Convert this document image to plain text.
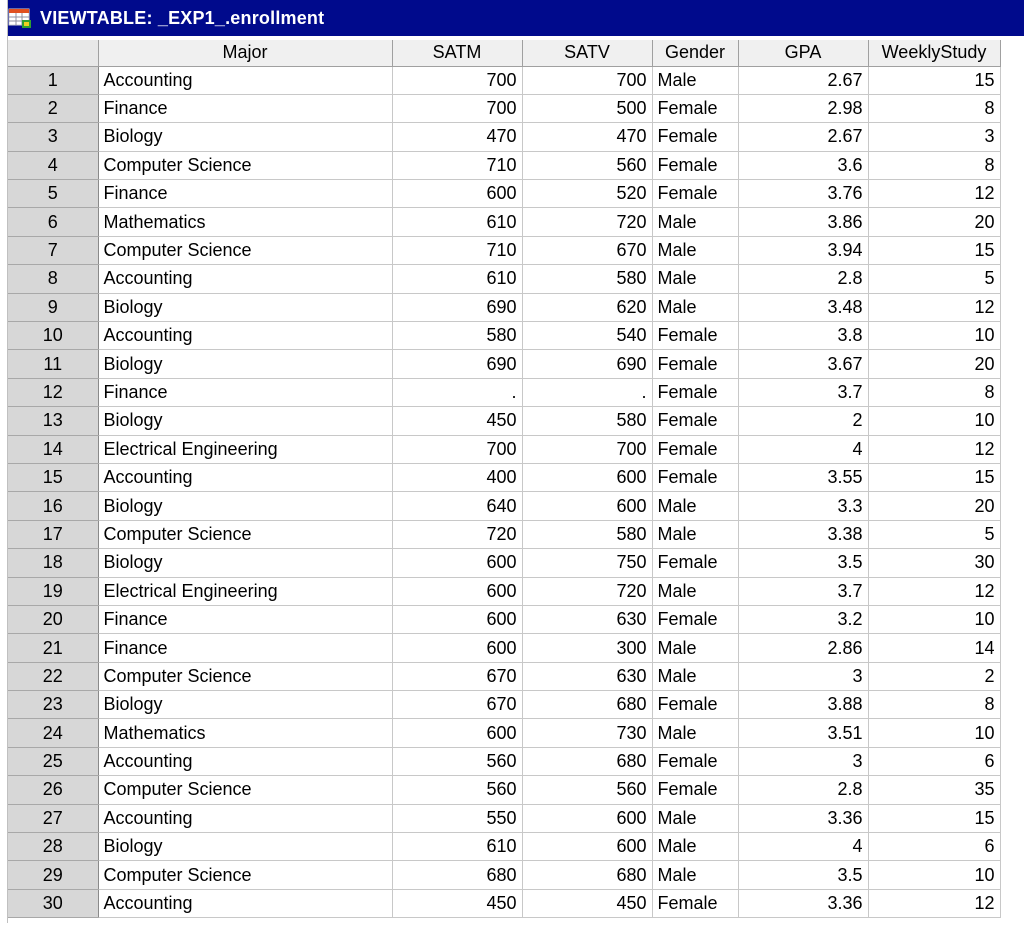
VIEWTABLE: _EXP1_.enrollment
	Major	SATM	SATV	Gender	GPA	WeeklyStudy
1	Accounting	700	700	Male	2.67	15
2	Finance	700	500	Female	2.98	8
3	Biology	470	470	Female	2.67	3
4	Computer Science	710	560	Female	3.6	8
5	Finance	600	520	Female	3.76	12
6	Mathematics	610	720	Male	3.86	20
7	Computer Science	710	670	Male	3.94	15
8	Accounting	610	580	Male	2.8	5
9	Biology	690	620	Male	3.48	12
10	Accounting	580	540	Female	3.8	10
11	Biology	690	690	Female	3.67	20
12	Finance	.	.	Female	3.7	8
13	Biology	450	580	Female	2	10
14	Electrical Engineering	700	700	Female	4	12
15	Accounting	400	600	Female	3.55	15
16	Biology	640	600	Male	3.3	20
17	Computer Science	720	580	Male	3.38	5
18	Biology	600	750	Female	3.5	30
19	Electrical Engineering	600	720	Male	3.7	12
20	Finance	600	630	Female	3.2	10
21	Finance	600	300	Male	2.86	14
22	Computer Science	670	630	Male	3	2
23	Biology	670	680	Female	3.88	8
24	Mathematics	600	730	Male	3.51	10
25	Accounting	560	680	Female	3	6
26	Computer Science	560	560	Female	2.8	35
27	Accounting	550	600	Male	3.36	15
28	Biology	610	600	Male	4	6
29	Computer Science	680	680	Male	3.5	10
30	Accounting	450	450	Female	3.36	12
